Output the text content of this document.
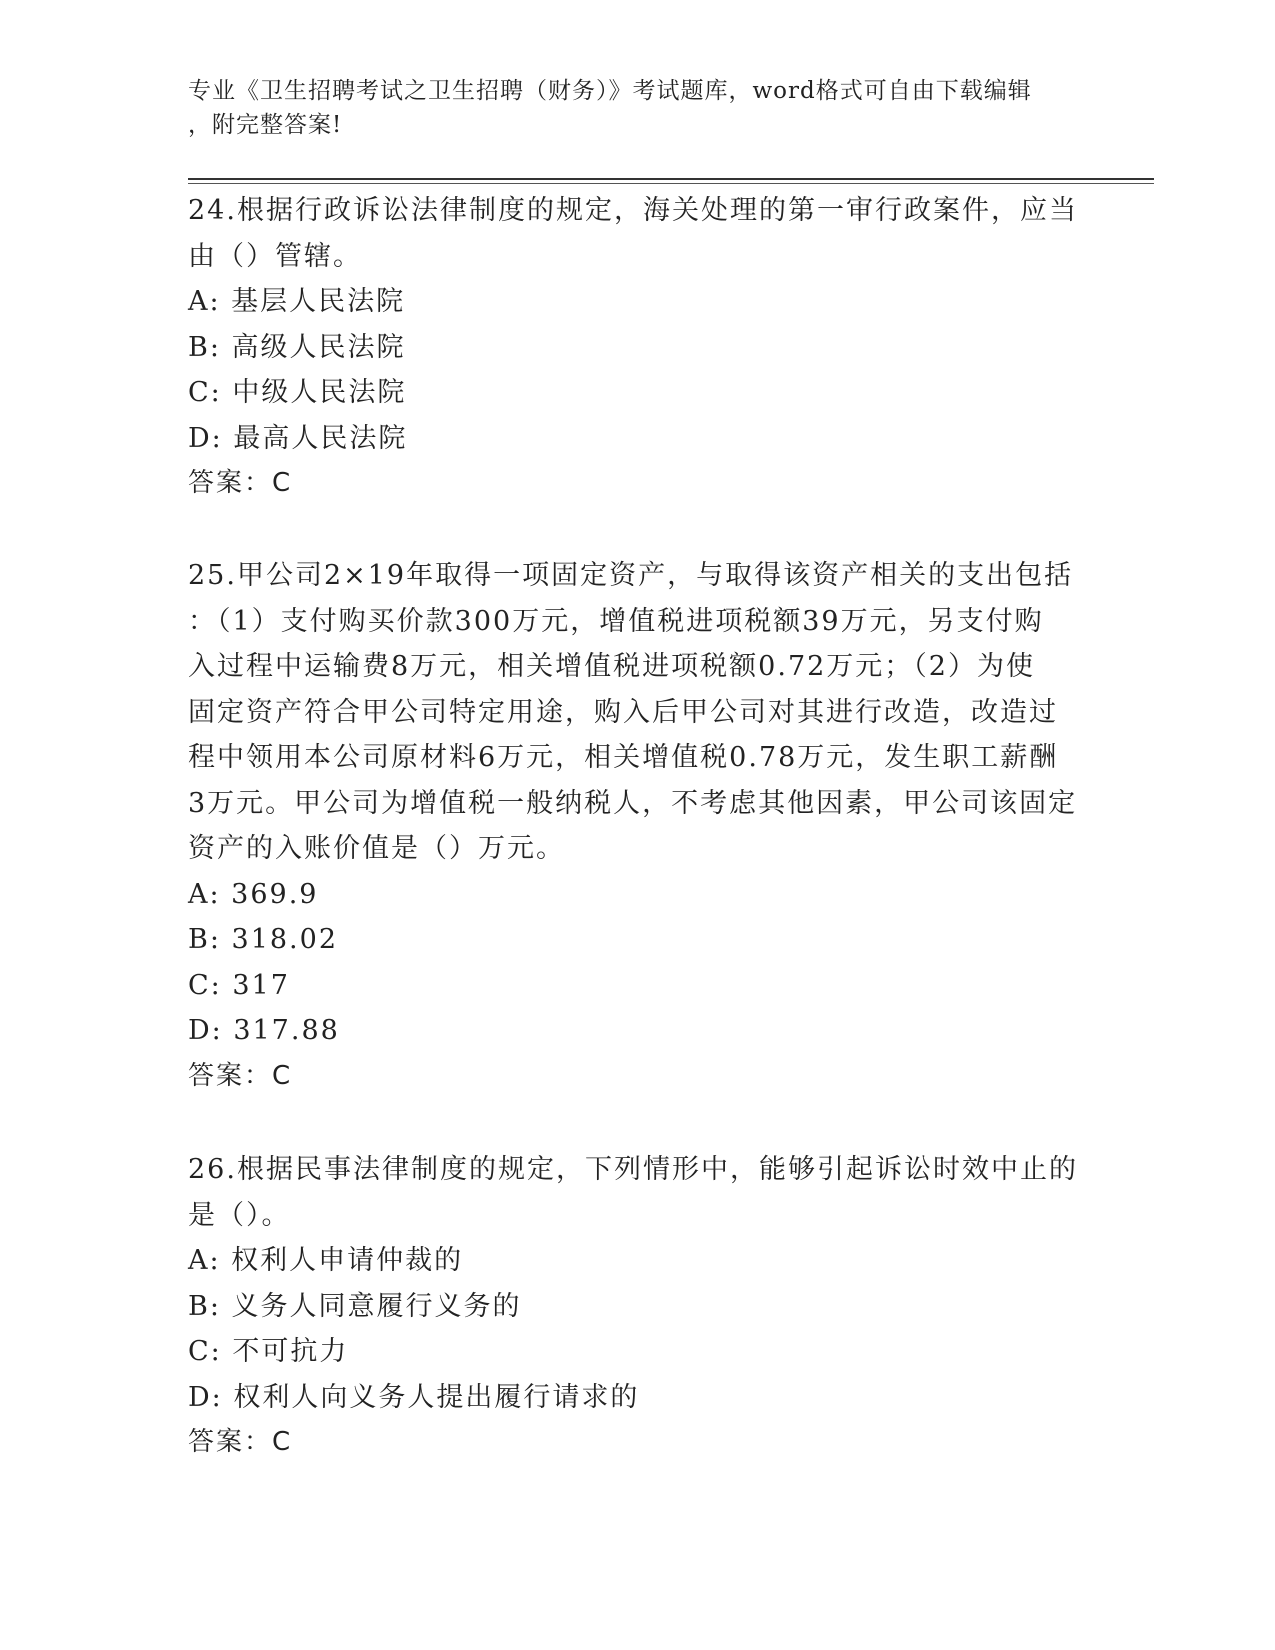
专业《卫生招聘考试之卫生招聘（财务）》考试题库，word格式可自由下载编辑
，附完整答案!

24.根据行政诉讼法律制度的规定，海关处理的第一审行政案件，应当

由（）管辖。

A: 基层人民法院

B: 高级人民法院

C: 中级人民法院

D: 最高人民法院

答案：C

25.甲公司2×19年取得一项固定资产，与取得该资产相关的支出包括

：（1）支付购买价款300万元，增值税进项税额39万元，另支付购

入过程中运输费8万元，相关增值税进项税额0.72万元；（2）为使

固定资产符合甲公司特定用途，购入后甲公司对其进行改造，改造过

程中领用本公司原材料6万元，相关增值税0.78万元，发生职工薪酬

3万元。甲公司为增值税一般纳税人，不考虑其他因素，甲公司该固定

资产的入账价值是（）万元。

A: 369.9

B: 318.02

C: 317

D: 317.88

答案：C

26.根据民事法律制度的规定，下列情形中，能够引起诉讼时效中止的

是（）。

A: 权利人申请仲裁的

B: 义务人同意履行义务的

C: 不可抗力

D: 权利人向义务人提出履行请求的

答案：C
